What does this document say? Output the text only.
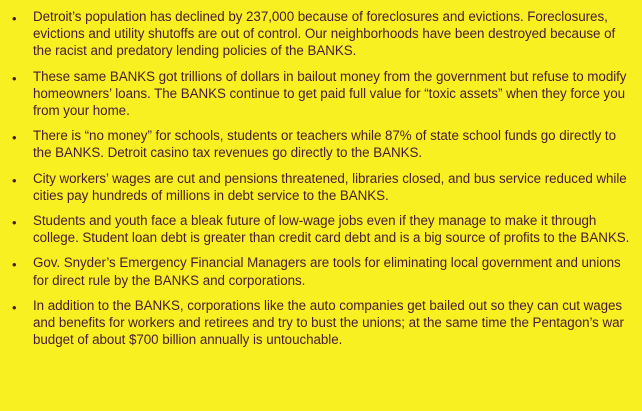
• Detroit’s population has declined by 237,000 because of foreclosures and evictions. Foreclosures, evictions and utility shutoffs are out of control. Our neighborhoods have been destroyed because of the racist and predatory lending policies of the BANKS.
• These same BANKS got trillions of dollars in bailout money from the government but refuse to modify homeowners’ loans. The BANKS continue to get paid full value for “toxic assets” when they force you from your home.
• There is “no money” for schools, students or teachers while 87% of state school funds go directly to the BANKS. Detroit casino tax revenues go directly to the BANKS.
• City workers’ wages are cut and pensions threatened, libraries closed, and bus service reduced while cities pay hundreds of millions in debt service to the BANKS.
• Students and youth face a bleak future of low-wage jobs even if they manage to make it through college. Student loan debt is greater than credit card debt and is a big source of profits to the BANKS.
• Gov. Snyder’s Emergency Financial Managers are tools for eliminating local government and unions for direct rule by the BANKS and corporations.
• In addition to the BANKS, corporations like the auto companies get bailed out so they can cut wages and benefits for workers and retirees and try to bust the unions; at the same time the Pentagon’s war budget of about $700 billion annually is untouchable.
